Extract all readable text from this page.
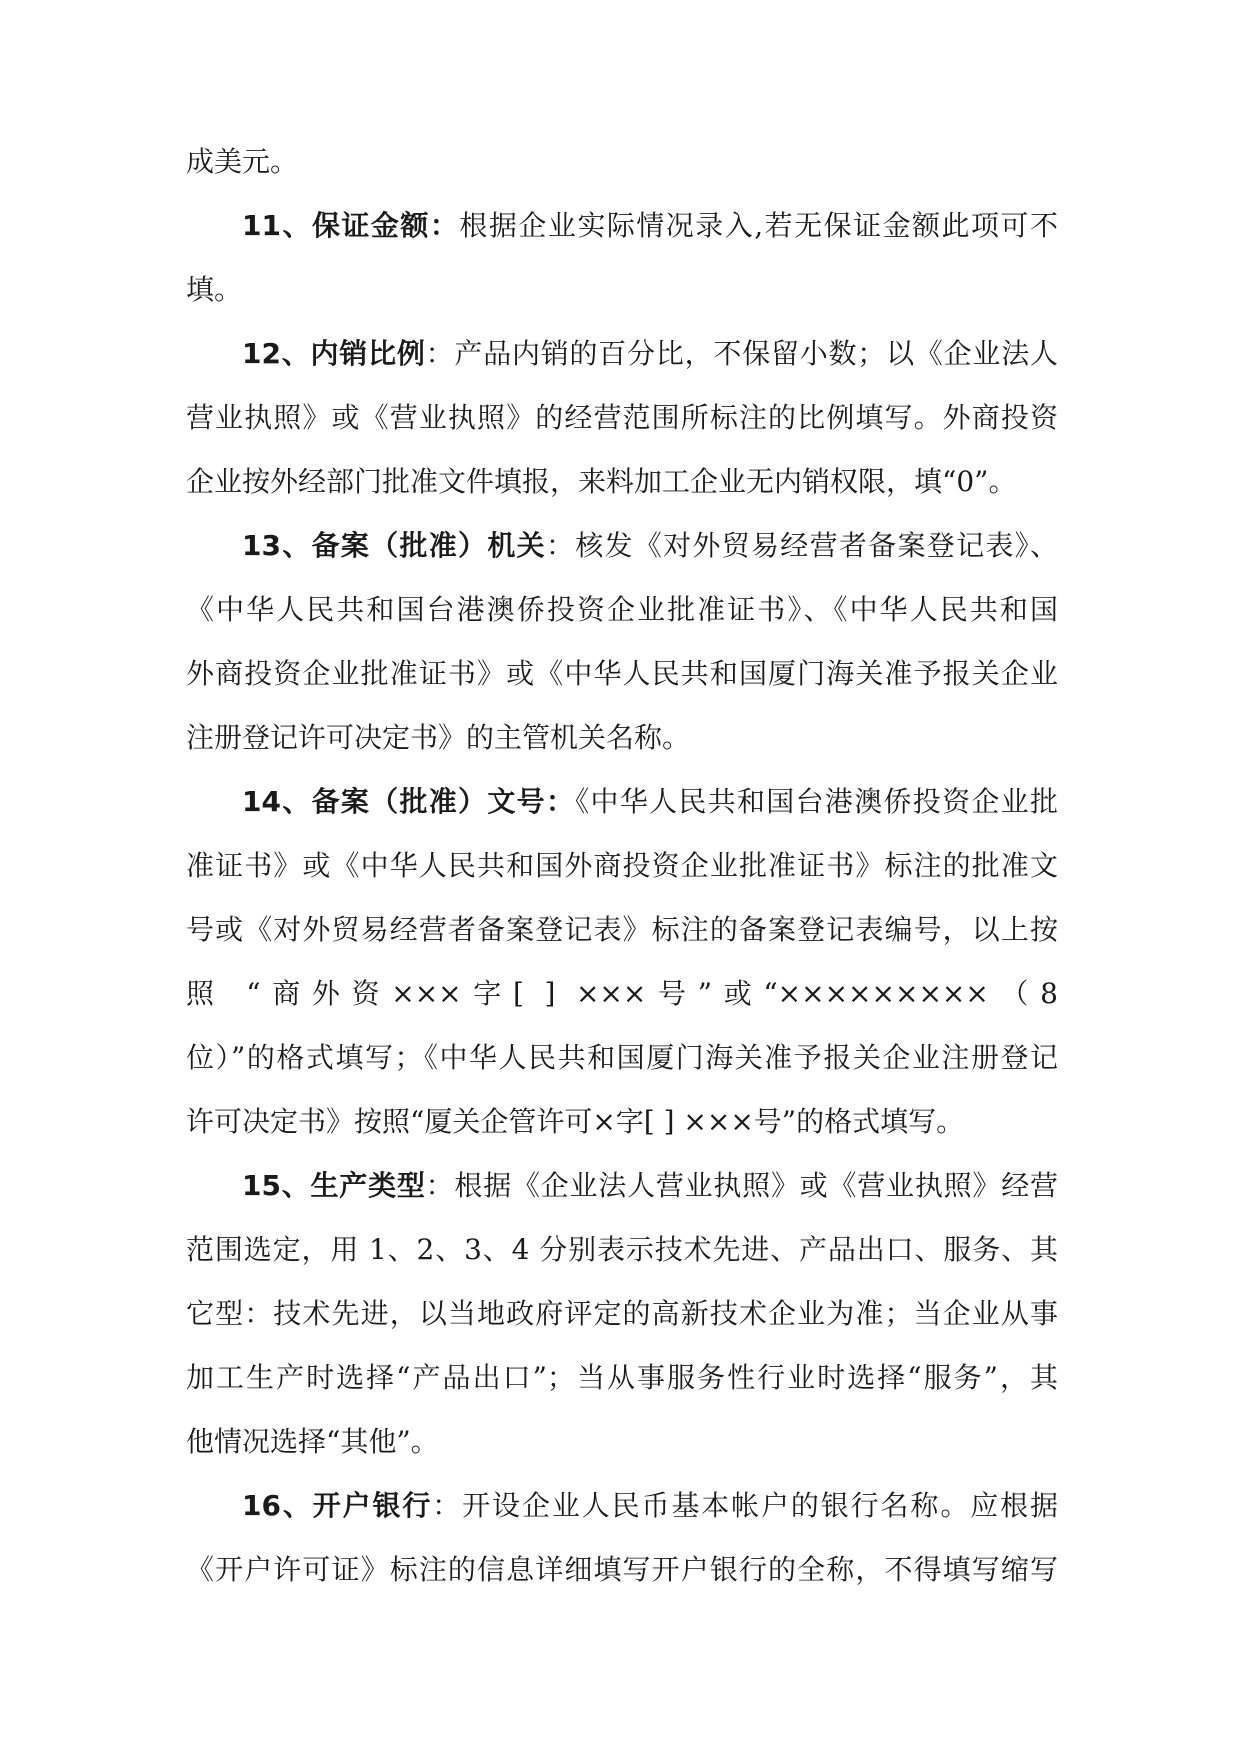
成美元。
11、保证金额：根据企业实际情况录入,若无保证金额此项可不
填。
12、内销比例：产品内销的百分比，不保留小数；以《企业法人
营业执照》或《营业执照》的经营范围所标注的比例填写。外商投资
企业按外经部门批准文件填报，来料加工企业无内销权限，填“0”。
13、备案（批准）机关：核发《对外贸易经营者备案登记表》、
《中华人民共和国台港澳侨投资企业批准证书》、《中华人民共和国
外商投资企业批准证书》或《中华人民共和国厦门海关准予报关企业
注册登记许可决定书》的主管机关名称。
14、备案（批准）文号：《中华人民共和国台港澳侨投资企业批
准证书》或《中华人民共和国外商投资企业批准证书》标注的批准文
号或《对外贸易经营者备案登记表》标注的备案登记表编号，以上按
照 “商外资×××字[ ] ×××号”或“×××××××××（8
位）”的格式填写；《中华人民共和国厦门海关准予报关企业注册登记
许可决定书》按照“厦关企管许可×字[ ] ×××号”的格式填写。
15、生产类型：根据《企业法人营业执照》或《营业执照》经营
范围选定，用 1、2、3、4 分别表示技术先进、产品出口、服务、其
它型：技术先进，以当地政府评定的高新技术企业为准；当企业从事
加工生产时选择“产品出口”；当从事服务性行业时选择“服务”，其
他情况选择“其他”。
16、开户银行：开设企业人民币基本帐户的银行名称。应根据
《开户许可证》标注的信息详细填写开户银行的全称，不得填写缩写
